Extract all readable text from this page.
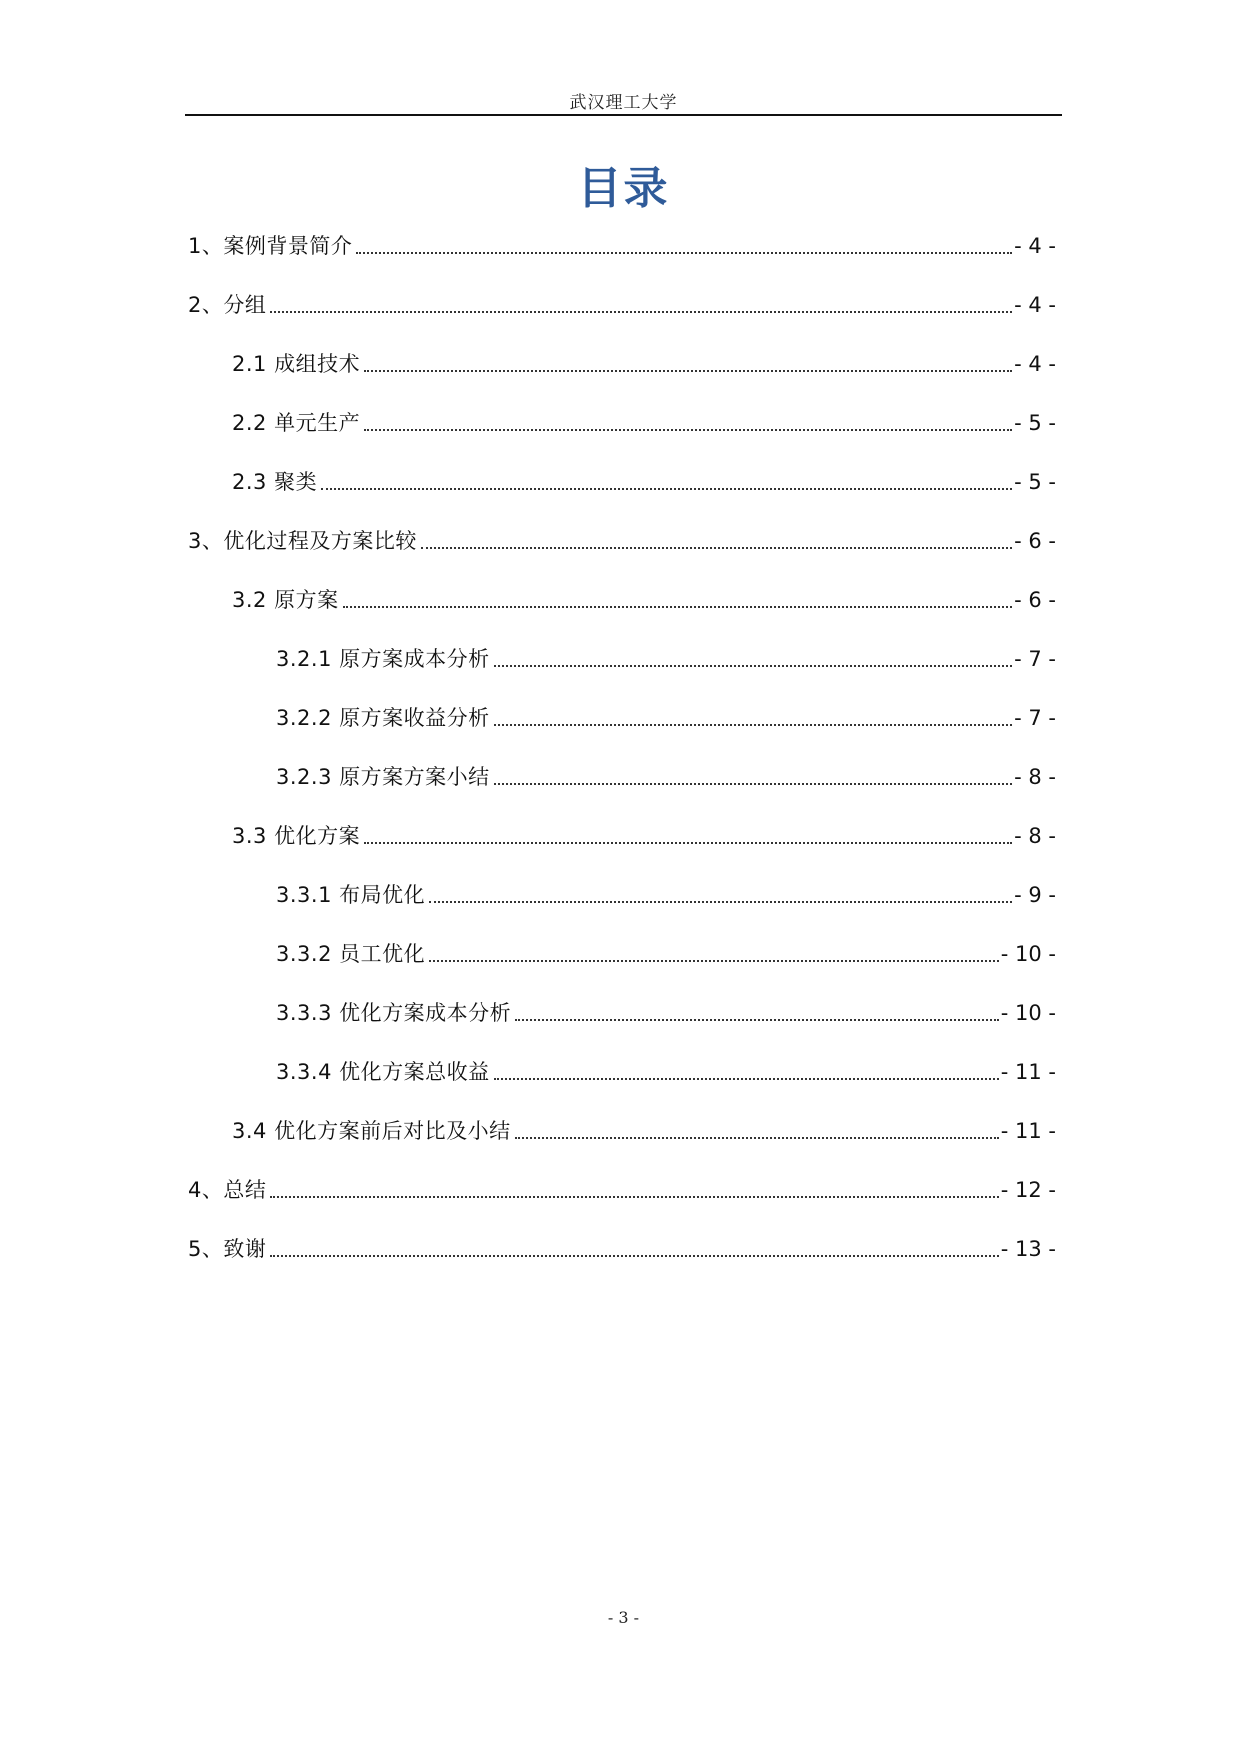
武汉理工大学
目录
1、案例背景简介	- 4 -
2、分组	- 4 -
2.1 成组技术	- 4 -
2.2 单元生产	- 5 -
2.3 聚类	- 5 -
3、优化过程及方案比较	- 6 -
3.2 原方案	- 6 -
3.2.1 原方案成本分析	- 7 -
3.2.2 原方案收益分析	- 7 -
3.2.3 原方案方案小结	- 8 -
3.3 优化方案	- 8 -
3.3.1 布局优化	- 9 -
3.3.2 员工优化	- 10 -
3.3.3 优化方案成本分析	- 10 -
3.3.4 优化方案总收益	- 11 -
3.4 优化方案前后对比及小结	- 11 -
4、总结	- 12 -
5、致谢	- 13 -
- 3 -
